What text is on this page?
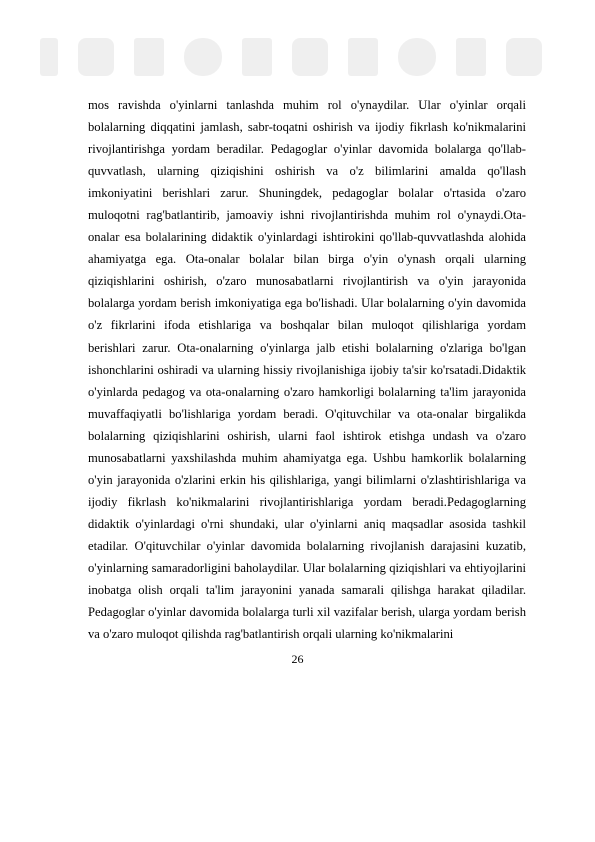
mos ravishda o'yinlarni tanlashda muhim rol o'ynaydilar. Ular o'yinlar orqali bolalarning diqqatini jamlash, sabr-toqatni oshirish va ijodiy fikrlash ko'nikmalarini rivojlantirishga yordam beradilar. Pedagoglar o'yinlar davomida bolalarga qo'llab-quvvatlash, ularning qiziqishini oshirish va o'z bilimlarini amalda qo'llash imkoniyatini berishlari zarur. Shuningdek, pedagoglar bolalar o'rtasida o'zaro muloqotni rag'batlantirib, jamoaviy ishni rivojlantirishda muhim rol o'ynaydi.Ota-onalar esa bolalarining didaktik o'yinlardagi ishtirokini qo'llab-quvvatlashda alohida ahamiyatga ega. Ota-onalar bolalar bilan birga o'yin o'ynash orqali ularning qiziqishlarini oshirish, o'zaro munosabatlarni rivojlantirish va o'yin jarayonida bolalarga yordam berish imkoniyatiga ega bo'lishadi. Ular bolalarning o'yin davomida o'z fikrlarini ifoda etishlariga va boshqalar bilan muloqot qilishlariga yordam berishlari zarur. Ota-onalarning o'yinlarga jalb etishi bolalarning o'zlariga bo'lgan ishonchlarini oshiradi va ularning hissiy rivojlanishiga ijobiy ta'sir ko'rsatadi.Didaktik o'yinlarda pedagog va ota-onalarning o'zaro hamkorligi bolalarning ta'lim jarayonida muvaffaqiyatli bo'lishlariga yordam beradi. O'qituvchilar va ota-onalar birgalikda bolalarning qiziqishlarini oshirish, ularni faol ishtirok etishga undash va o'zaro munosabatlarni yaxshilashda muhim ahamiyatga ega. Ushbu hamkorlik bolalarning o'yin jarayonida o'zlarini erkin his qilishlariga, yangi bilimlarni o'zlashtirishlariga va ijodiy fikrlash ko'nikmalarini rivojlantirishlariga yordam beradi.Pedagoglarning didaktik o'yinlardagi o'rni shundaki, ular o'yinlarni aniq maqsadlar asosida tashkil etadilar. O'qituvchilar o'yinlar davomida bolalarning rivojlanish darajasini kuzatib, o'yinlarning samaradorligini baholaydilar. Ular bolalarning qiziqishlari va ehtiyojlarini inobatga olish orqali ta'lim jarayonini yanada samarali qilishga harakat qiladilar. Pedagoglar o'yinlar davomida bolalarga turli xil vazifalar berish, ularga yordam berish va o'zaro muloqot qilishda rag'batlantirish orqali ularning ko'nikmalarini

26
